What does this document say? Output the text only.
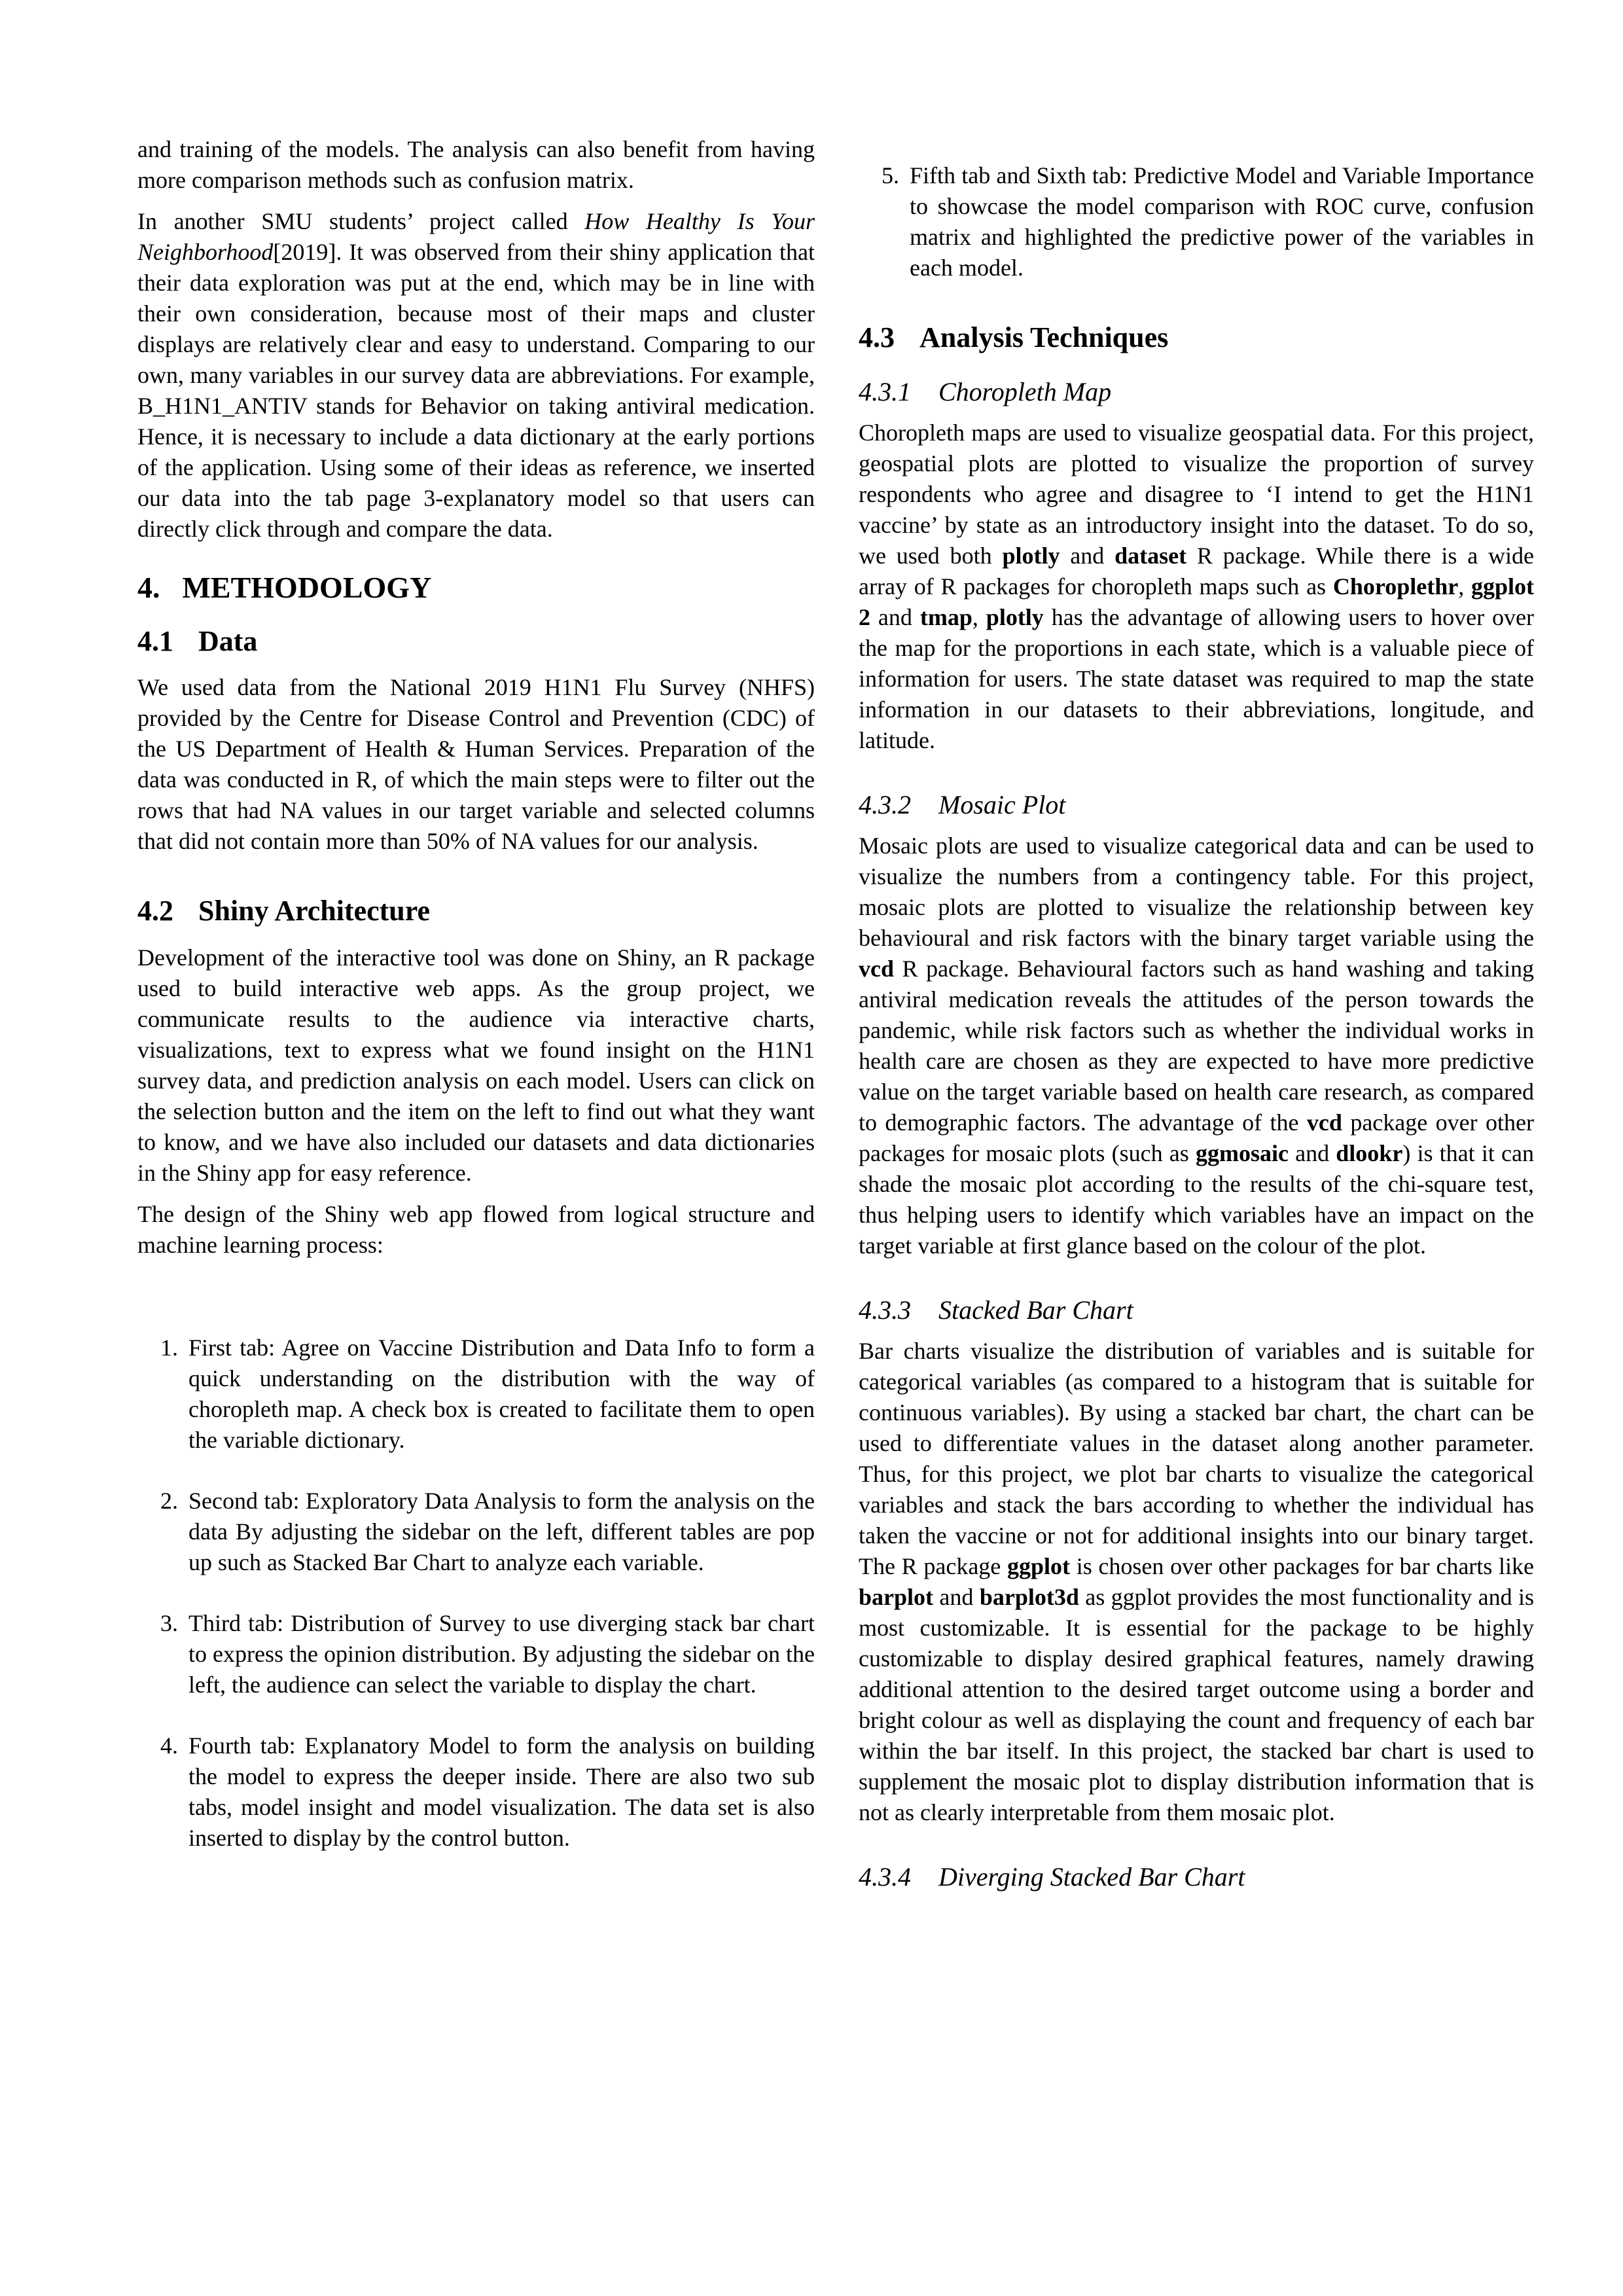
and training of the models. The analysis can also benefit from having more comparison methods such as confusion matrix.

In another SMU students’ project called How Healthy Is Your Neighborhood[2019]. It was observed from their shiny application that their data exploration was put at the end, which may be in line with their own consideration, because most of their maps and cluster displays are relatively clear and easy to understand. Comparing to our own, many variables in our survey data are abbreviations. For example, B_H1N1_ANTIV stands for Behavior on taking antiviral medication. Hence, it is necessary to include a data dictionary at the early portions of the application. Using some of their ideas as reference, we inserted our data into the tab page 3-explanatory model so that users can directly click through and compare the data.

4. METHODOLOGY
4.1 Data

We used data from the National 2019 H1N1 Flu Survey (NHFS) provided by the Centre for Disease Control and Prevention (CDC) of the US Department of Health & Human Services. Preparation of the data was conducted in R, of which the main steps were to filter out the rows that had NA values in our target variable and selected columns that did not contain more than 50% of NA values for our analysis.

4.2 Shiny Architecture

Development of the interactive tool was done on Shiny, an R package used to build interactive web apps. As the group project, we communicate results to the audience via interactive charts, visualizations, text to express what we found insight on the H1N1 survey data, and prediction analysis on each model. Users can click on the selection button and the item on the left to find out what they want to know, and we have also included our datasets and data dictionaries in the Shiny app for easy reference.

The design of the Shiny web app flowed from logical structure and machine learning process:

1. First tab: Agree on Vaccine Distribution and Data Info to form a quick understanding on the distribution with the way of choropleth map. A check box is created to facilitate them to open the variable dictionary.
2. Second tab: Exploratory Data Analysis to form the analysis on the data By adjusting the sidebar on the left, different tables are pop up such as Stacked Bar Chart to analyze each variable.
3. Third tab: Distribution of Survey to use diverging stack bar chart to express the opinion distribution. By adjusting the sidebar on the left, the audience can select the variable to display the chart.
4. Fourth tab: Explanatory Model to form the analysis on building the model to express the deeper inside. There are also two sub tabs, model insight and model visualization. The data set is also inserted to display by the control button.
5. Fifth tab and Sixth tab: Predictive Model and Variable Importance to showcase the model comparison with ROC curve, confusion matrix and highlighted the predictive power of the variables in each model.
4.3 Analysis Techniques
4.3.1 Choropleth Map

Choropleth maps are used to visualize geospatial data. For this project, geospatial plots are plotted to visualize the proportion of survey respondents who agree and disagree to ‘I intend to get the H1N1 vaccine’ by state as an introductory insight into the dataset. To do so, we used both plotly and dataset R package. While there is a wide array of R packages for choropleth maps such as Choroplethr, ggplot 2 and tmap, plotly has the advantage of allowing users to hover over the map for the proportions in each state, which is a valuable piece of information for users. The state dataset was required to map the state information in our datasets to their abbreviations, longitude, and latitude.

4.3.2 Mosaic Plot

Mosaic plots are used to visualize categorical data and can be used to visualize the numbers from a contingency table. For this project, mosaic plots are plotted to visualize the relationship between key behavioural and risk factors with the binary target variable using the vcd R package. Behavioural factors such as hand washing and taking antiviral medication reveals the attitudes of the person towards the pandemic, while risk factors such as whether the individual works in health care are chosen as they are expected to have more predictive value on the target variable based on health care research, as compared to demographic factors. The advantage of the vcd package over other packages for mosaic plots (such as ggmosaic and dlookr) is that it can shade the mosaic plot according to the results of the chi-square test, thus helping users to identify which variables have an impact on the target variable at first glance based on the colour of the plot.

4.3.3 Stacked Bar Chart

Bar charts visualize the distribution of variables and is suitable for categorical variables (as compared to a histogram that is suitable for continuous variables). By using a stacked bar chart, the chart can be used to differentiate values in the dataset along another parameter. Thus, for this project, we plot bar charts to visualize the categorical variables and stack the bars according to whether the individual has taken the vaccine or not for additional insights into our binary target. The R package ggplot is chosen over other packages for bar charts like barplot and barplot3d as ggplot provides the most functionality and is most customizable. It is essential for the package to be highly customizable to display desired graphical features, namely drawing additional attention to the desired target outcome using a border and bright colour as well as displaying the count and frequency of each bar within the bar itself. In this project, the stacked bar chart is used to supplement the mosaic plot to display distribution information that is not as clearly interpretable from them mosaic plot.

4.3.4 Diverging Stacked Bar Chart
